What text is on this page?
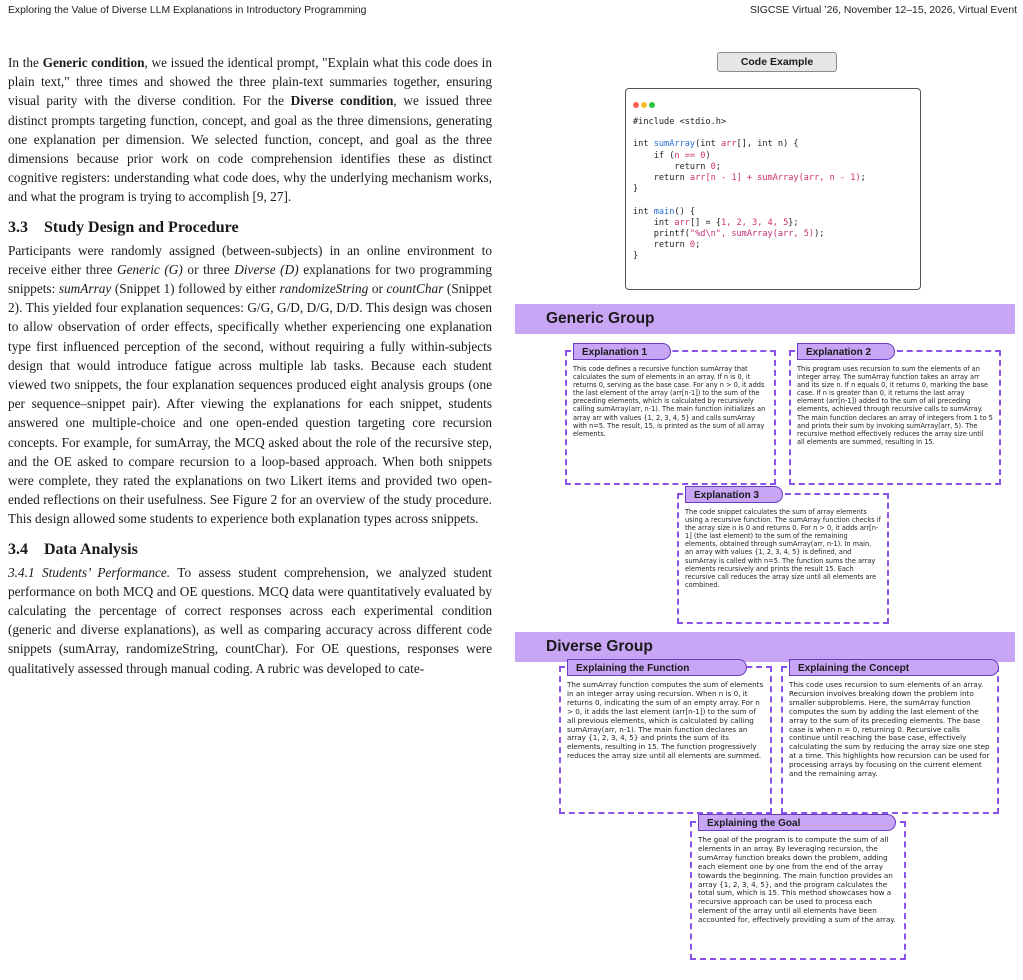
Exploring the Value of Diverse LLM Explanations in Introductory Programming	SIGCSE Virtual ’26, November 12–15, 2026, Virtual Event

In the Generic condition, we issued the identical prompt, "Explain what this code does in plain text," three times and showed the three plain-text summaries together, ensuring visual parity with the diverse condition. For the Diverse condition, we issued three distinct prompts targeting function, concept, and goal as the three dimensions, generating one explanation per dimension. We selected function, concept, and goal as the three dimensions because prior work on code comprehension identifies these as distinct cognitive registers: understanding what code does, why the underlying mechanism works, and what the program is trying to accomplish [9, 27].

3.3 Study Design and Procedure

Participants were randomly assigned (between-subjects) in an online environment to receive either three Generic (G) or three Diverse (D) explanations for two programming snippets: sumArray (Snippet 1) followed by either randomizeString or countChar (Snippet 2). This yielded four explanation sequences: G/G, G/D, D/G, D/D. This design was chosen to allow observation of order effects, specifically whether experiencing one explanation type first influenced perception of the second, without requiring a fully within-subjects design that would introduce fatigue across multiple lab tasks. Because each student viewed two snippets, the four explanation sequences produced eight analysis groups (one per sequence–snippet pair). After viewing the explanations for each snippet, students answered one multiple-choice and one open-ended question targeting core recursion concepts. For example, for sumArray, the MCQ asked about the role of the recursive step, and the OE asked to compare recursion to a loop-based approach. When both snippets were complete, they rated the explanations on two Likert items and provided two open-ended reflections on their usefulness. See Figure 2 for an overview of the study procedure. This design allowed some students to experience both explanation types across snippets.

3.4 Data Analysis

3.4.1 Students’ Performance. To assess student comprehension, we analyzed student performance on both MCQ and OE questions. MCQ data were quantitatively evaluated by calculating the percentage of correct responses across each experimental condition (generic and diverse explanations), as well as comparing accuracy across different code snippets (sumArray, randomizeString, countChar). For OE questions, responses were qualitatively assessed through manual coding. A rubric was developed to cate-

Code Example
#include <stdio.h>

int sumArray(int arr[], int n) {
if (n == 0)
return 0;
return arr[n - 1] + sumArray(arr, n - 1);
}

int main() {
int arr[] = {1, 2, 3, 4, 5};
printf("%d\n", sumArray(arr, 5));
return 0;
}
Generic Group
Explanation 1
This code defines a recursive function sumArray that calculates the sum of elements in an array. If n is 0, it returns 0, serving as the base case. For any n > 0, it adds the last element of the array (arr[n-1]) to the sum of the preceding elements, which is calculated by recursively calling sumArray(arr, n-1). The main function initializes an array arr with values {1, 2, 3, 4, 5} and calls sumArray with n=5. The result, 15, is printed as the sum of all array elements.
Explanation 2
This program uses recursion to sum the elements of an integer array. The sumArray function takes an array arr and its size n. If n equals 0, it returns 0, marking the base case. If n is greater than 0, it returns the last array element (arr[n-1]) added to the sum of all preceding elements, achieved through recursive calls to sumArray. The main function declares an array of integers from 1 to 5 and prints their sum by invoking sumArray(arr, 5). The recursive method effectively reduces the array size until all elements are summed, resulting in 15.
Explanation 3
The code snippet calculates the sum of array elements using a recursive function. The sumArray function checks if the array size n is 0 and returns 0. For n > 0, it adds arr[n-1] (the last element) to the sum of the remaining elements, obtained through sumArray(arr, n-1). In main, an array with values {1, 2, 3, 4, 5} is defined, and sumArray is called with n=5. The function sums the array elements recursively and prints the result 15. Each recursive call reduces the array size until all elements are combined.
Diverse Group
Explaining the Function
The sumArray function computes the sum of elements in an integer array using recursion. When n is 0, it returns 0, indicating the sum of an empty array. For n > 0, it adds the last element (arr[n-1]) to the sum of all previous elements, which is calculated by calling sumArray(arr, n-1). The main function declares an array {1, 2, 3, 4, 5} and prints the sum of its elements, resulting in 15. The function progressively reduces the array size until all elements are summed.
Explaining the Concept
This code uses recursion to sum elements of an array. Recursion involves breaking down the problem into smaller subproblems. Here, the sumArray function computes the sum by adding the last element of the array to the sum of its preceding elements. The base case is when n = 0, returning 0. Recursive calls continue until reaching the base case, effectively calculating the sum by reducing the array size one step at a time. This highlights how recursion can be used for processing arrays by focusing on the current element and the remaining array.
Explaining the Goal
The goal of the program is to compute the sum of all elements in an array. By leveraging recursion, the sumArray function breaks down the problem, adding each element one by one from the end of the array towards the beginning. The main function provides an array {1, 2, 3, 4, 5}, and the program calculates the total sum, which is 15. This method showcases how a recursive approach can be used to process each element of the array until all elements have been accounted for, effectively providing a sum of the array.
